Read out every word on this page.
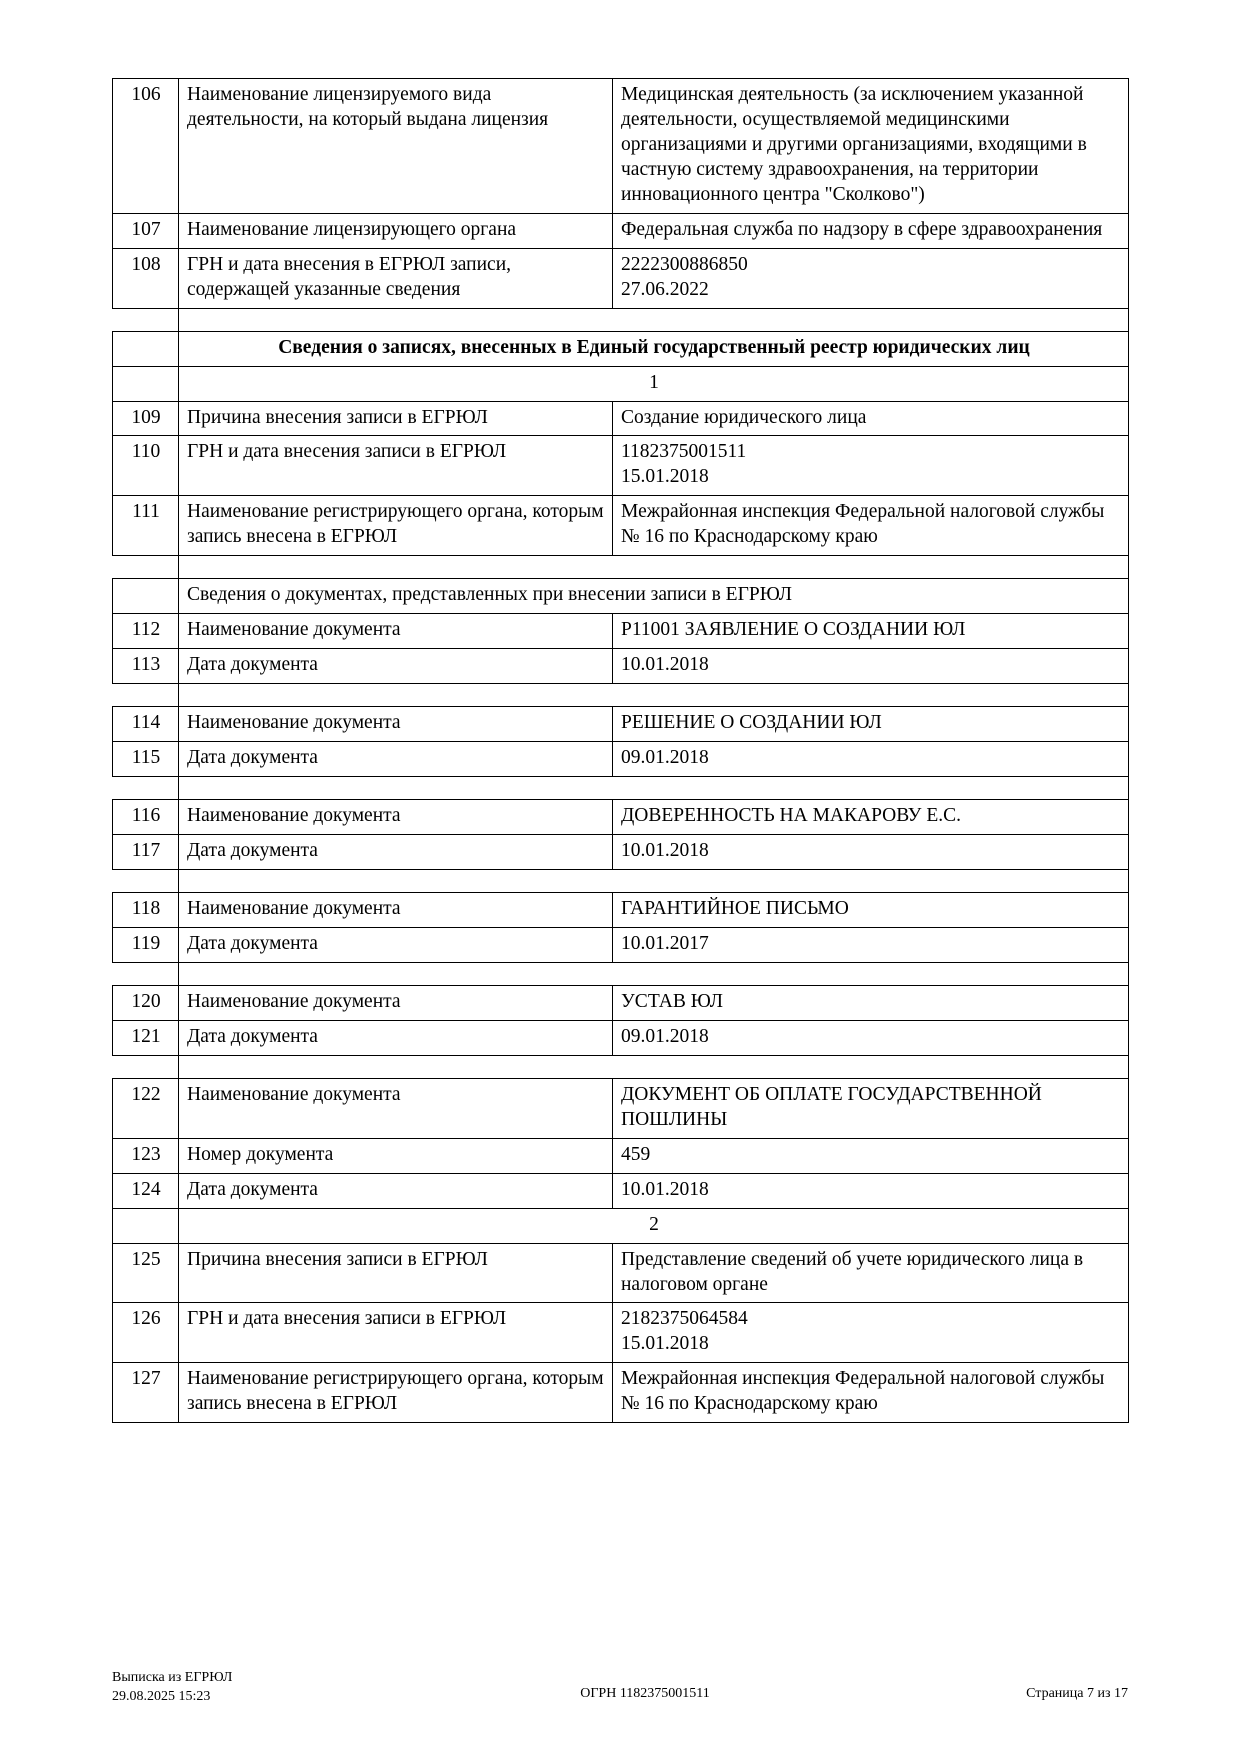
106	Наименование лицензируемого вида деятельности, на который выдана лицензия	Медицинская деятельность (за исключением указанной деятельности, осуществляемой медицинскими организациями и другими организациями, входящими в частную систему здравоохранения, на территории инновационного центра "Сколково")
107	Наименование лицензирующего органа	Федеральная служба по надзору в сфере здравоохранения
108	ГРН и дата внесения в ЕГРЮЛ записи, содержащей указанные сведения	2222300886850
27.06.2022

	Сведения о записях, внесенных в Единый государственный реестр юридических лиц	
	1	
109	Причина внесения записи в ЕГРЮЛ	Создание юридического лица
110	ГРН и дата внесения записи в ЕГРЮЛ	1182375001511
15.01.2018
111	Наименование регистрирующего органа, которым запись внесена в ЕГРЮЛ	Межрайонная инспекция Федеральной налоговой службы № 16 по Краснодарскому краю

	Сведения о документах, представленных при внесении записи в ЕГРЮЛ	
112	Наименование документа	Р11001 ЗАЯВЛЕНИЕ О СОЗДАНИИ ЮЛ
113	Дата документа	10.01.2018

114	Наименование документа	РЕШЕНИЕ О СОЗДАНИИ ЮЛ
115	Дата документа	09.01.2018

116	Наименование документа	ДОВЕРЕННОСТЬ НА МАКАРОВУ Е.С.
117	Дата документа	10.01.2018

118	Наименование документа	ГАРАНТИЙНОЕ ПИСЬМО
119	Дата документа	10.01.2017

120	Наименование документа	УСТАВ ЮЛ
121	Дата документа	09.01.2018

122	Наименование документа	ДОКУМЕНТ ОБ ОПЛАТЕ ГОСУДАРСТВЕННОЙ ПОШЛИНЫ
123	Номер документа	459
124	Дата документа	10.01.2018
	2	
125	Причина внесения записи в ЕГРЮЛ	Представление сведений об учете юридического лица в налоговом органе
126	ГРН и дата внесения записи в ЕГРЮЛ	2182375064584
15.01.2018
127	Наименование регистрирующего органа, которым запись внесена в ЕГРЮЛ	Межрайонная инспекция Федеральной налоговой службы № 16 по Краснодарскому краю
Выписка из ЕГРЮЛ
29.08.2025 15:23	ОГРН 1182375001511	Страница 7 из 17
